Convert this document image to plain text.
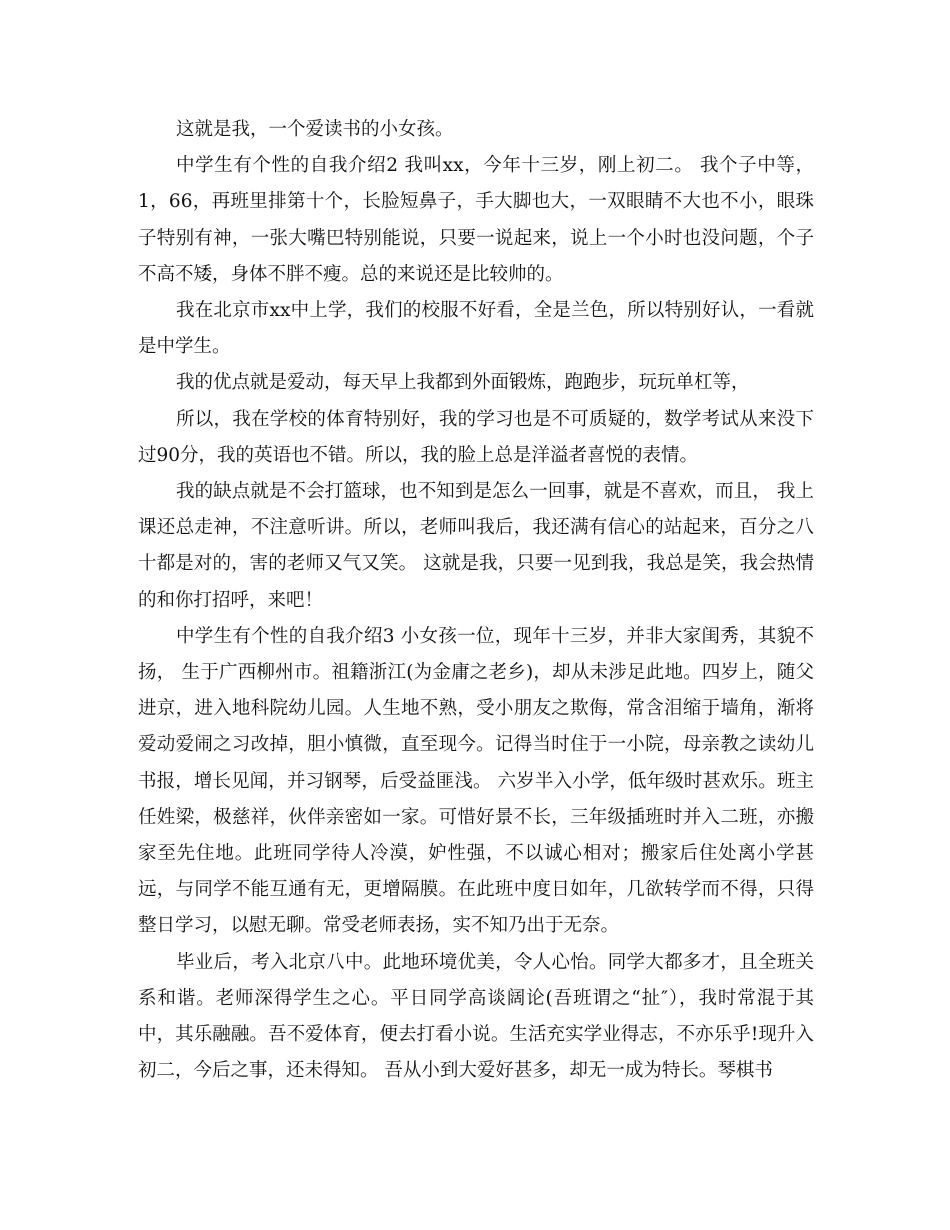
这就是我，一个爱读书的小女孩。

中学生有个性的自我介绍2 我叫xx，今年十三岁，刚上初二。 我个子中等，1，66，再班里排第十个，长脸短鼻子，手大脚也大，一双眼睛不大也不小，眼珠子特别有神，一张大嘴巴特别能说，只要一说起来，说上一个小时也没问题，个子不高不矮，身体不胖不瘦。总的来说还是比较帅的。

我在北京市xx中上学，我们的校服不好看，全是兰色，所以特别好认，一看就是中学生。

我的优点就是爱动，每天早上我都到外面锻炼，跑跑步，玩玩单杠等，

所以，我在学校的体育特别好，我的学习也是不可质疑的，数学考试从来没下过90分，我的英语也不错。所以，我的脸上总是洋溢者喜悦的表情。

我的缺点就是不会打篮球，也不知到是怎么一回事，就是不喜欢，而且， 我上课还总走神，不注意听讲。所以，老师叫我后，我还满有信心的站起来，百分之八十都是对的，害的老师又气又笑。 这就是我，只要一见到我，我总是笑，我会热情的和你打招呼，来吧！

中学生有个性的自我介绍3 小女孩一位，现年十三岁，并非大家闺秀，其貌不扬， 生于广西柳州市。祖籍浙江(为金庸之老乡)，却从未涉足此地。四岁上，随父进京，进入地科院幼儿园。人生地不熟，受小朋友之欺侮，常含泪缩于墙角，渐将爱动爱闹之习改掉，胆小慎微，直至现今。记得当时住于一小院，母亲教之读幼儿书报，增长见闻，并习钢琴，后受益匪浅。 六岁半入小学，低年级时甚欢乐。班主任姓梁，极慈祥，伙伴亲密如一家。可惜好景不长，三年级插班时并入二班，亦搬家至先住地。此班同学待人冷漠，妒性强，不以诚心相对；搬家后住处离小学甚远，与同学不能互通有无，更增隔膜。在此班中度日如年，几欲转学而不得，只得整日学习，以慰无聊。常受老师表扬，实不知乃出于无奈。

毕业后，考入北京八中。此地环境优美，令人心怡。同学大都多才，且全班关系和谐。老师深得学生之心。平日同学高谈阔论(吾班谓之“扯″），我时常混于其中，其乐融融。吾不爱体育，便去打看小说。生活充实学业得志，不亦乐乎!现升入初二，今后之事，还未得知。 吾从小到大爱好甚多，却无一成为特长。琴棋书
